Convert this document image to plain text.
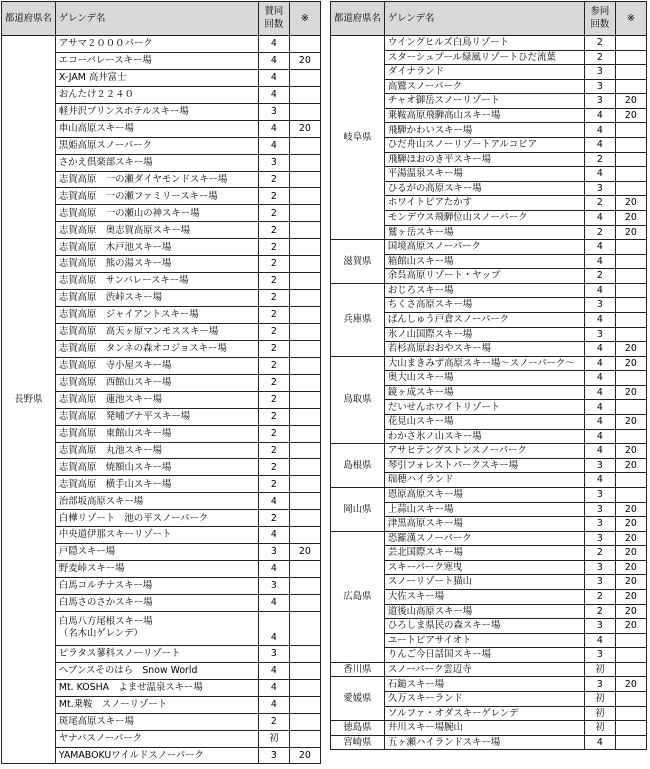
都道府県名	ゲレンデ名	賛同
回数	※
長野県	アサマ２０００パーク	4	
	エコーバレースキー場	4	20
	X-JAM 高井富士	4	
	おんたけ２２４０	4	
	軽井沢プリンスホテルスキー場	3	
	車山高原スキー場	4	20
	黒姫高原スノーパーク	4	
	さかえ倶楽部スキー場	3	
	志賀高原　一の瀬ダイヤモンドスキー場	2	
	志賀高原　一の瀬ファミリースキー場	2	
	志賀高原　一の瀬山の神スキー場	2	
	志賀高原　奥志賀高原スキー場	2	
	志賀高原　木戸池スキー場	2	
	志賀高原　熊の湯スキー場	2	
	志賀高原　サンバレースキー場	2	
	志賀高原　渋峠スキー場	2	
	志賀高原　ジャイアントスキー場	2	
	志賀高原　高天ヶ原マンモススキー場	2	
	志賀高原　タンネの森オコジョスキー場	2	
	志賀高原　寺小屋スキー場	2	
	志賀高原　西館山スキー場	2	
	志賀高原　蓮池スキー場	2	
	志賀高原　発哺ブナ平スキー場	2	
	志賀高原　東館山スキー場	2	
	志賀高原　丸池スキー場	2	
	志賀高原　焼額山スキー場	2	
	志賀高原　横手山スキー場	2	
	治部坂高原スキー場	4	
	白樺リゾート　池の平スノーパーク	2	
	中央道伊那スキーリゾート	4	
	戸隠スキー場	3	20
	野麦峠スキー場	4	
	白馬コルチナスキー場	3	
	白馬さのさかスキー場	4	
	白馬八方尾根スキー場
（名木山ゲレンデ）	4	
	ピラタス蓼科スノーリゾート	3	
	ヘブンスそのはら　Snow World	4	
	Mt. KOSHA　よませ温泉スキー場	4	
	Mt.乗鞍　スノーリゾート	4	
	斑尾高原スキー場	2	
	ヤナバスノーパーク	初	
	YAMABOKUワイルドスノーパーク	3	20
都道府県名	ゲレンデ名	参同
回数	※
岐阜県	ウイングヒルズ白鳥リゾート	2	
	スターシュプール緑風リゾートひだ流葉	2	
	ダイナランド	3	
	高鷲スノーパーク	3	
	チャオ御岳スノーリゾート	3	20
	乗鞍高原飛騨高山スキー場	4	20
	飛騨かわいスキー場	4	
	ひだ舟山スノーリゾートアルコピア	4	
	飛騨ほおのき平スキー場	2	
	平湯温泉スキー場	4	
	ひるがの高原スキー場	3	
	ホワイトピアたかす	2	20
	モンデウス飛騨位山スノーパーク	4	20
	鷲ヶ岳スキー場	2	20
滋賀県	国境高原スノーパーク	4	
	箱館山スキー場	4	
	余呉高原リゾート・ヤップ	2	
兵庫県	おじろスキー場	4	
	ちくさ高原スキー場	3	
	ばんしゅう戸倉スノーパーク	4	
	氷ノ山国際スキー場	3	
	若杉高原おおやスキー場	4	20
鳥取県	大山まきみず高原スキー場～スノーパーク～	4	20
	奥大山スキー場	4	
	鏡ヶ成スキー場	4	20
	だいせんホワイトリゾート	4	
	花見山スキー場	4	20
	わかさ氷ノ山スキー場	4	
島根県	アサヒテングストンスノーパーク	4	20
	琴引フォレストパークスキー場	3	20
	瑞穂ハイランド	4	
岡山県	恩原高原スキー場	3	
	上蒜山スキー場	3	20
	津黒高原スキー場	3	20
広島県	恐羅漢スノーパーク	3	20
	芸北国際スキー場	2	20
	スキーパーク寒曳	3	20
	スノーリゾート猫山	3	20
	大佐スキー場	2	20
	道後山高原スキー場	2	20
	ひろしま県民の森スキー場	3	20
	ユートピアサイオト	4	
	りんご今日話国スキー場	3	
香川県	スノーパーク雲辺寺	初	
愛媛県	石鎚スキー場	3	20
	久万スキーランド	初	
	ソルファ・オダスキーゲレンデ	初	
徳島県	井川スキー場腕山	初	
宮崎県	五ヶ瀬ハイランドスキー場	4	
